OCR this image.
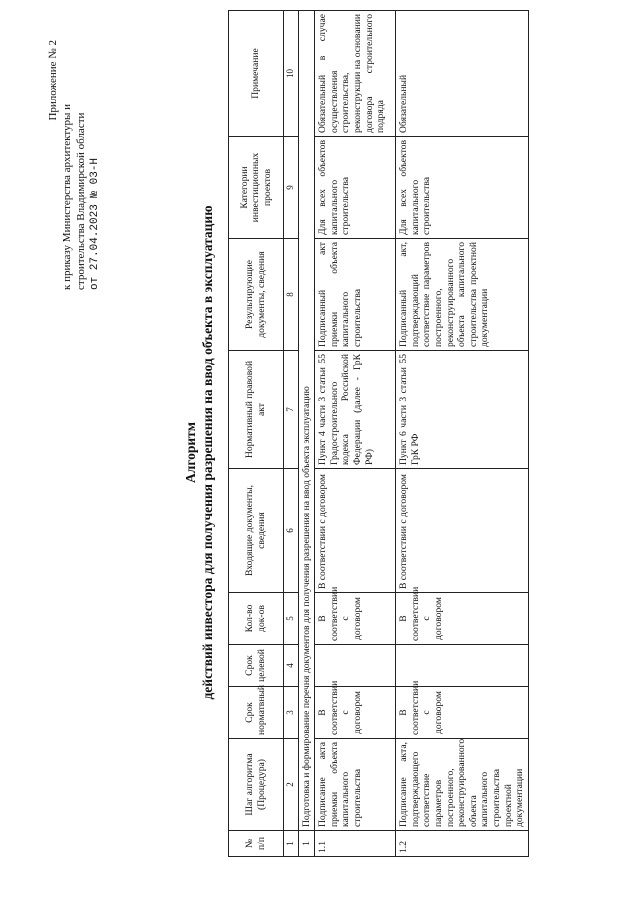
Приложение № 2
к приказу Министерства архитектуры и строительства Владимирской области от 27.04.2023 № 03-Н
Алгоритм действий инвестора для получения разрешения на ввод объекта в эксплуатацию
№ п/п	Шаг алгоритма (Процедура)	Срок норматвный	Срок целевой	Кол-во док-ов	Входящие документы, сведения	Нормативный правовой акт	Результирующие документы, сведения	Категории инвестиционных проектов	Примечание
1	2	3	4	5	6	7	8	9	10
1	Подготовка и формирование перечня документов для получения разрешения на ввод объекта эксплуатацию								
1.1	Подписание акта приемки объекта капитального строительства	В соответствии с договором		В соответствии с договором	В соответствии с договором	Пункт 4 части 3 статьи 55 Градостроительного кодекса Российской Федерации (далее - ГрК РФ)	Подписанный акт приемки объекта капитального строительства	Для всех объектов капитального строительства	Обязательный в случае осуществления строительства, реконструкции на основании договора строительного подряда
1.2	Подписание акта, подтверждающего соответствие параметров построенного, реконструированного объекта капитального строительства проектной документации	В соответствии с договором		В соответствии с договором	В соответствии с договором	Пункт 6 части 3 статьи 55 ГрК РФ	Подписанный акт, подтверждающий соответствие параметров построенного, реконструированного объекта капитального строительства проектной документации	Для всех объектов капитального строительства	Обязательный
